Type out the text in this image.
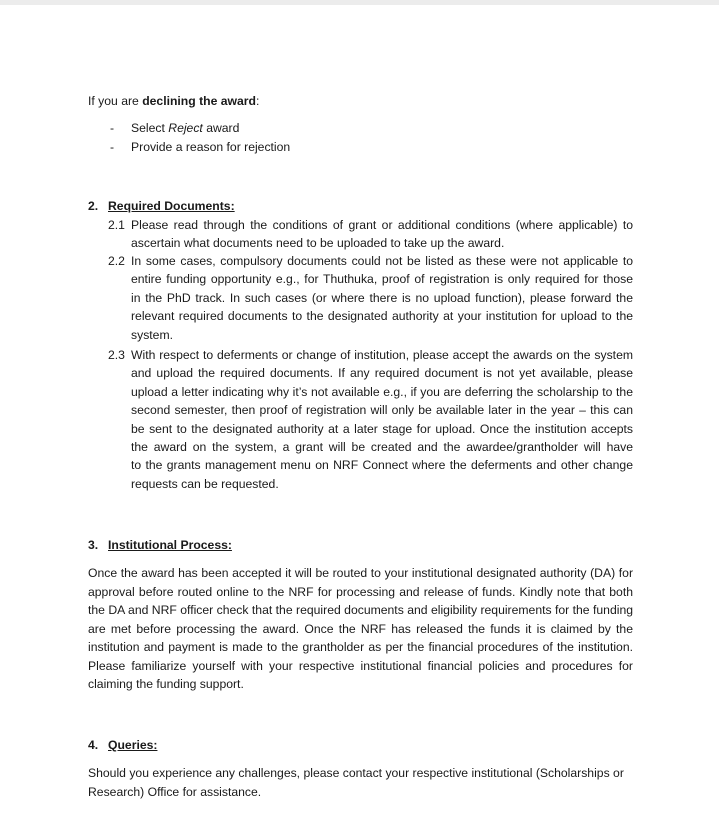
If you are declining the award:
- Select Reject award
- Provide a reason for rejection
2. Required Documents:
3. Institutional Process:
4. Queries:
2.1 Please read through the conditions of grant or additional conditions (where applicable) to
ascertain what documents need to be uploaded to take up the award.
2.2 In some cases, compulsory documents could not be listed as these were not applicable to
entire funding opportunity e.g., for Thuthuka, proof of registration is only required for those
in the PhD track. In such cases (or where there is no upload function), please forward the
relevant required documents to the designated authority at your institution for upload to the
system.
2.3 With respect to deferments or change of institution, please accept the awards on the system
and upload the required documents. If any required document is not yet available, please
upload a letter indicating why it’s not available e.g., if you are deferring the scholarship to the
second semester, then proof of registration will only be available later in the year – this can
be sent to the designated authority at a later stage for upload. Once the institution accepts
the award on the system, a grant will be created and the awardee/grantholder will have
to the grants management menu on NRF Connect where the deferments and other change
requests can be requested.
Once the award has been accepted it will be routed to your institutional designated authority (DA) for
approval before routed online to the NRF for processing and release of funds. Kindly note that both
the DA and NRF officer check that the required documents and eligibility requirements for the funding
are met before processing the award. Once the NRF has released the funds it is claimed by the
institution and payment is made to the grantholder as per the financial procedures of the institution.
Please familiarize yourself with your respective institutional financial policies and procedures for
claiming the funding support.
Should you experience any challenges, please contact your respective institutional (Scholarships or
Research) Office for assistance.
